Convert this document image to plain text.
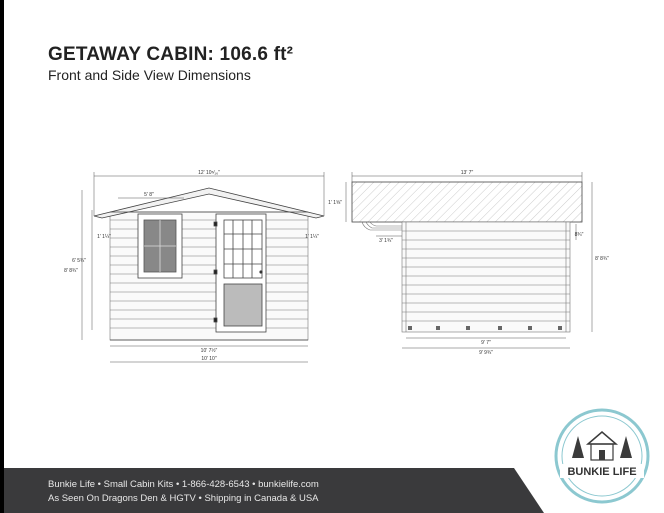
GETAWAY CABIN: 106.6 ft²
Front and Side View Dimensions
12' 10⁵⁄₁₆"
5' 8"
1' 1¼"	1' 1¼"
6' 5¾"
8' 8¾"
10' 7½"
10' 10"
13' 7"
1' 1⅝"
3' 1¾"
8¾"
8' 8¾"
9' 7"
9' 9¾"
Bunkie Life • Small Cabin Kits • 1-866-428-6543 • bunkielife.com
As Seen On Dragons Den & HGTV • Shipping in Canada & USA
BUNKIE LIFE
